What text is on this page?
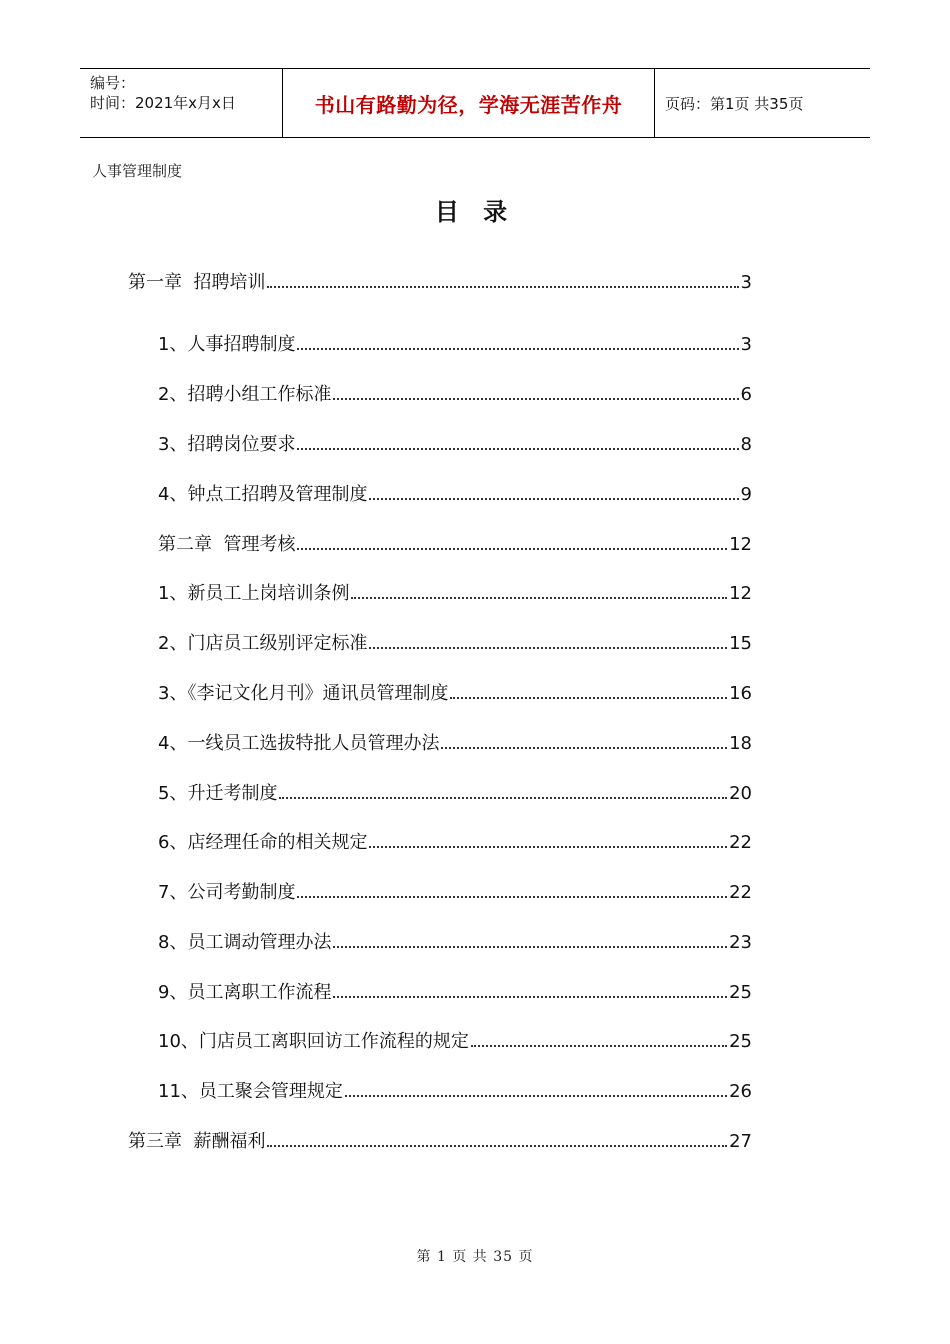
编号：
时间：2021年x月x日	书山有路勤为径，学海无涯苦作舟	页码：第1页 共35页
人事管理制度
目 录
第一章  招聘培训	3
1、人事招聘制度	3
2、招聘小组工作标准	6
3、招聘岗位要求	8
4、钟点工招聘及管理制度	9
第二章  管理考核	12
1、新员工上岗培训条例	12
2、门店员工级别评定标准	15
3、《李记文化月刊》通讯员管理制度	16
4、一线员工选拔特批人员管理办法	18
5、升迁考制度	20
6、店经理任命的相关规定	22
7、公司考勤制度	22
8、员工调动管理办法	23
9、员工离职工作流程	25
10、门店员工离职回访工作流程的规定	25
11、员工聚会管理规定	26
第三章  薪酬福利	27
第 1 页 共 35 页
